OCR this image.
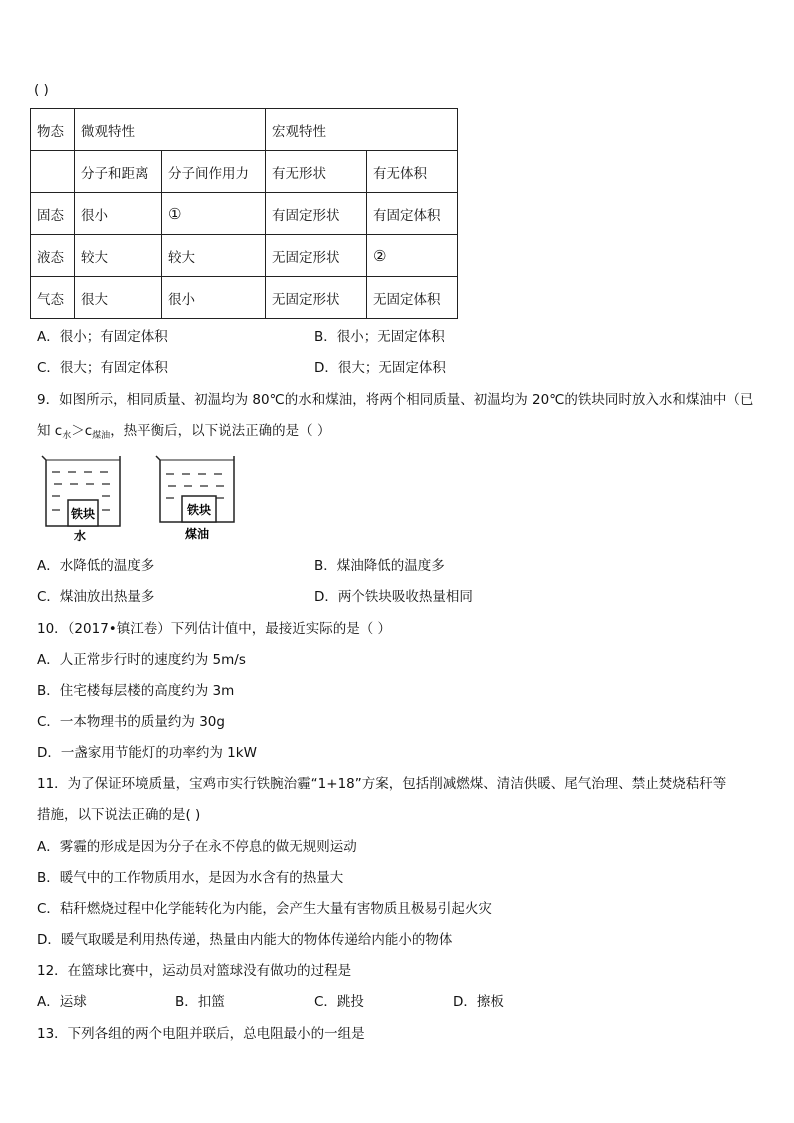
( )
物态	微观特性		宏观特性	
	分子和距离	分子间作用力	有无形状	有无体积
固态	很小	①	有固定形状	有固定体积
液态	较大	较大	无固定形状	②
气态	很大	很小	无固定形状	无固定体积
A．很小；有固定体积	B．很小；无固定体积
C．很大；有固定体积	D．很大；无固定体积
9．如图所示，相同质量、初温均为 80℃的水和煤油，将两个相同质量、初温均为 20℃的铁块同时放入水和煤油中（已
知 $c_水>c_{煤油}$，热平衡后，以下说法正确的是（ ）
铁块
水
铁块
煤油
A．水降低的温度多	B．煤油降低的温度多
C．煤油放出热量多	D．两个铁块吸收热量相同
10．（2017•镇江卷）下列估计值中，最接近实际的是（ ）
A．人正常步行时的速度约为 5m/s
B．住宅楼每层楼的高度约为 3m
C．一本物理书的质量约为 30g
D．一盏家用节能灯的功率约为 1kW
11．为了保证环境质量，宝鸡市实行铁腕治霾“1+18”方案，包括削减燃煤、清洁供暖、尾气治理、禁止焚烧秸秆等
措施，以下说法正确的是( )
A．雾霾的形成是因为分子在永不停息的做无规则运动
B．暖气中的工作物质用水，是因为水含有的热量大
C．秸秆燃烧过程中化学能转化为内能，会产生大量有害物质且极易引起火灾
D．暖气取暖是利用热传递，热量由内能大的物体传递给内能小的物体
12．在篮球比赛中，运动员对篮球没有做功的过程是
A．运球	B．扣篮	C．跳投	D．擦板
13．下列各组的两个电阻并联后，总电阻最小的一组是
